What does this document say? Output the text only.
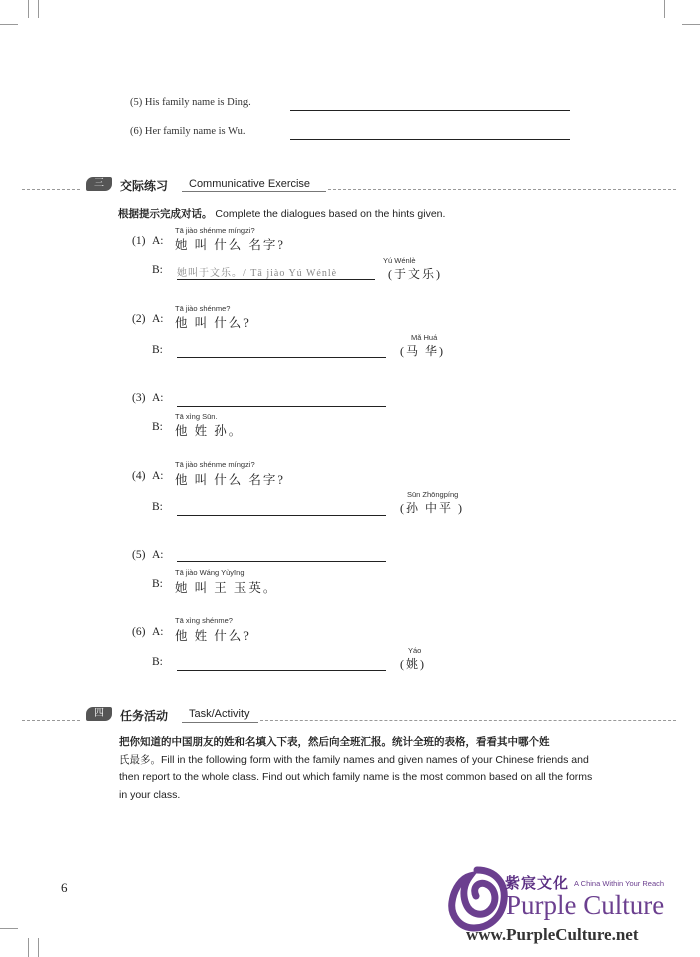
(5) His family name is Ding.
(6) Her family name is Wu.
三	交际练习 Communicative Exercise
根据提示完成对话。 Complete the dialogues based on the hints given.
Tā jiào shénme míngzi?
(1) A: 她 叫 什么 名字?
B: 她叫于文乐。/ Tā jiào Yú Wénlè
Yú Wénlè
(于文乐)
Tā jiào shénme?
(2) A: 他 叫 什么?
B:
Mǎ Huá
(马 华)
(3) A:
Tā xìng Sūn.
B: 他 姓 孙。
Tā jiào shénme míngzi?
(4) A: 他 叫 什么 名字?
B:
Sūn Zhōngpíng
(孙 中平 )
(5) A:
Tā jiào Wáng Yùyīng
B: 她 叫 王 玉英。
Tā xìng shénme?
(6) A: 他 姓 什么?
B:
Yáo
(姚)
四	任务活动 Task/Activity
把你知道的中国朋友的姓和名填入下表，然后向全班汇报。统计全班的表格，看看其中哪个姓
氏最多。Fill in the following form with the family names and given names of your Chinese friends and
then report to the whole class. Find out which family name is the most common based on all the forms
in your class.
6	紫宸文化 A China Within Your Reach
Purple Culture
www.PurpleCulture.net
